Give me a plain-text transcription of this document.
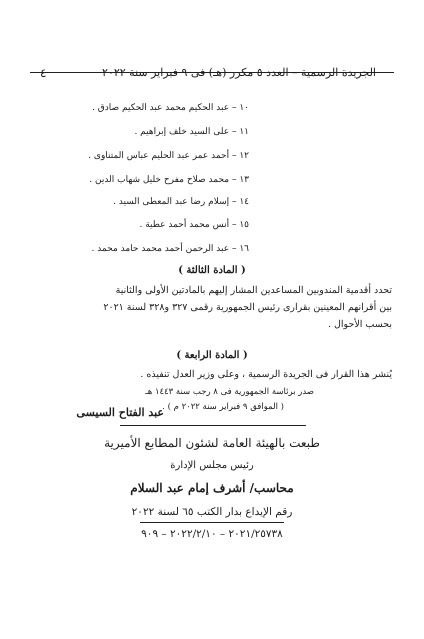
الجريدة الرسمية – العدد ٥ مكرر (هـ) فى ٩ فبراير سنة ٢٠٢٢
٤
١٠ – عبد الحكيم محمد عبد الحكيم صادق .
١١ – على السيد خلف إبراهيم .
١٢ – أحمد عمر عبد الحليم عباس المتناوى .
١٣ – محمد صلاح مفرح خليل شهاب الدين .
١٤ – إسلام رضا عبد المعطى السيد .
١٥ – أنس محمد أحمد عطية .
١٦ – عبد الرحمن أحمد محمد حامد محمد .
( المادة الثالثة )
تحدد أقدمية المندوبين المساعدين المشار إليهم بالمادتين الأولى والثانية
بين أقرانهم المعينين بقرارى رئيس الجمهورية رقمى ٣٢٧ و٣٢٨ لسنة ٢٠٢١
بحسب الأحوال .
( المادة الرابعة )
يُنشر هذا القرار فى الجريدة الرسمية ، وعلى وزير العدل تنفيذه .
صدر برئاسة الجمهورية فى ٨ رجب سنة ١٤٤٣ هـ
( الموافق ٩ فبراير سنة ٢٠٢٢ م ) .
عبد الفتاح السيسى
طبعت بالهيئة العامة لشئون المطابع الأميرية
رئيس مجلس الإدارة
محاسب/ أشرف إمام عبد السلام
رقم الإيداع بدار الكتب ٦٥ لسنة ٢٠٢٢
٢٠٢١/٢٥٧٣٨ – ٢٠٢٢/٢/١٠ – ٩٠٩
